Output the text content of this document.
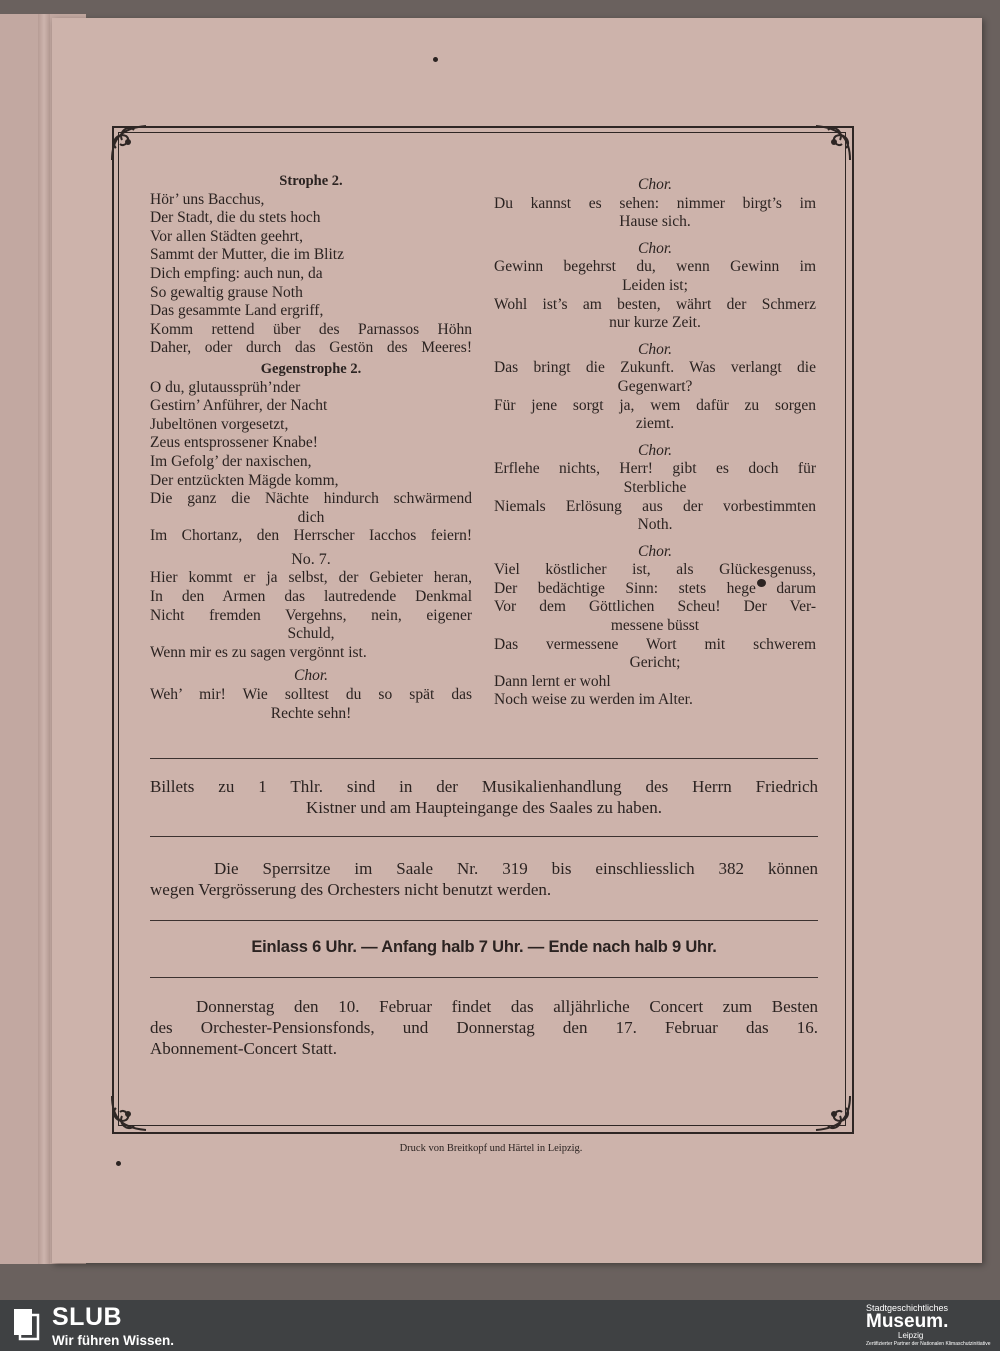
Strophe 2.
Hör’ uns Bacchus,
Der Stadt, die du stets hoch
Vor allen Städten geehrt,
Sammt der Mutter, die im Blitz
Dich empfing: auch nun, da
So gewaltig grause Noth
Das gesammte Land ergriff,
Komm rettend über des Parnassos Höhn
Daher, oder durch das Gestön des Meeres!
Gegenstrophe 2.
O du, glutaussprüh’nder
Gestirn’ Anführer, der Nacht
Jubeltönen vorgesetzt,
Zeus entsprossener Knabe!
Im Gefolg’ der naxischen,
Der entzückten Mägde komm,
Die ganz die Nächte hindurch schwärmend
dich
Im Chortanz, den Herrscher Iacchos feiern!
No. 7.
Hier kommt er ja selbst, der Gebieter heran,
In den Armen das lautredende Denkmal
Nicht fremden Vergehns, nein, eigener
Schuld,
Wenn mir es zu sagen vergönnt ist.
Chor.
Weh’ mir! Wie solltest du so spät das
Rechte sehn!
Chor.
Du kannst es sehen: nimmer birgt’s im
Hause sich.
Chor.
Gewinn begehrst du, wenn Gewinn im
Leiden ist;
Wohl ist’s am besten, währt der Schmerz
nur kurze Zeit.
Chor.
Das bringt die Zukunft. Was verlangt die
Gegenwart?
Für jene sorgt ja, wem dafür zu sorgen
ziemt.
Chor.
Erflehe nichts, Herr! gibt es doch für
Sterbliche
Niemals Erlösung aus der vorbestimmten
Noth.
Chor.
Viel köstlicher ist, als Glückesgenuss,
Der bedächtige Sinn: stets hege darum
Vor dem Göttlichen Scheu! Der Ver-
messene büsst
Das vermessene Wort mit schwerem
Gericht;
Dann lernt er wohl
Noch weise zu werden im Alter.
Billets zu 1 Thlr. sind in der Musikalienhandlung des Herrn Friedrich
Kistner und am Haupteingange des Saales zu haben.
Die Sperrsitze im Saale Nr. 319 bis einschliesslich 382 können
wegen Vergrösserung des Orchesters nicht benutzt werden.
Einlass 6 Uhr. — Anfang halb 7 Uhr. — Ende nach halb 9 Uhr.
Donnerstag den 10. Februar findet das alljährliche Concert zum Besten
des Orchester-Pensionsfonds, und Donnerstag den 17. Februar das 16.
Abonnement-Concert Statt.
Druck von Breitkopf und Härtel in Leipzig.
SLUB
Wir führen Wissen.
Stadtgeschichtliches
Museum.
Leipzig
Zertifizierter Partner der Nationalen Klimaschutzinitiative
